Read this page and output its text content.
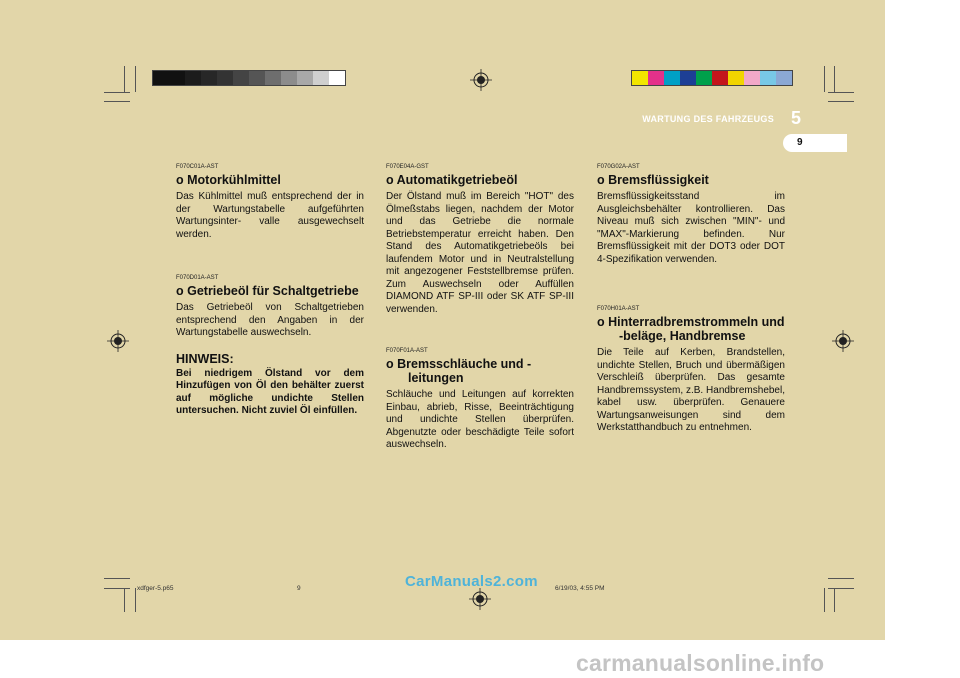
WARTUNG DES FAHRZEUGS 5
9

F070C01A-AST

o Motorkühlmittel

Das Kühlmittel muß entsprechend der in der Wartungstabelle aufgeführten Wartungsinter- valle ausgewechselt werden.

F070D01A-AST

o Getriebeöl für Schaltgetriebe

Das Getriebeöl von Schaltgetrieben entsprechend den Angaben in der Wartungstabelle auswechseln.

HINWEIS:

Bei niedrigem Ölstand vor dem Hinzufügen von Öl den behälter zuerst auf mögliche undichte Stellen untersuchen. Nicht zuviel Öl einfüllen.

F070E04A-GST

o Automatikgetriebeöl

Der Ölstand muß im Bereich "HOT" des Ölmeßstabs liegen, nachdem der Motor und das Getriebe die normale Betriebstemperatur erreicht haben. Den Stand des Automatikgetriebeöls bei laufendem Motor und in Neutralstellung mit angezogener Feststellbremse prüfen. Zum Auswechseln oder Auffüllen DIAMOND ATF SP-III oder SK ATF SP-III verwenden.

F070F01A-AST

o Bremsschläuche und -
leitungen

Schläuche und Leitungen auf korrekten Einbau, abrieb, Risse, Beeinträchtigung und undichte Stellen überprüfen. Abgenutzte oder beschädigte Teile sofort auswechseln.

F070G02A-AST

o Bremsflüssigkeit

Bremsflüssigkeitsstand im Ausgleichsbehälter kontrollieren. Das Niveau muß sich zwischen "MIN"- und "MAX"-Markierung befinden. Nur Bremsflüssigkeit mit der DOT3 oder DOT 4-Spezifikation verwenden.

F070H01A-AST

o Hinterradbremstrommeln und
-beläge, Handbremse

Die Teile auf Kerben, Brandstellen, undichte Stellen, Bruch und übermäßigen Verschleiß überprüfen. Das gesamte Handbremssystem, z.B. Handbremshebel, kabel usw. überprüfen. Genauere Wartungsanweisungen sind dem Werkstatthandbuch zu entnehmen.

xdfger-5.p65	9	6/19/03, 4:55 PM
CarManuals2.com
carmanualsonline.info
